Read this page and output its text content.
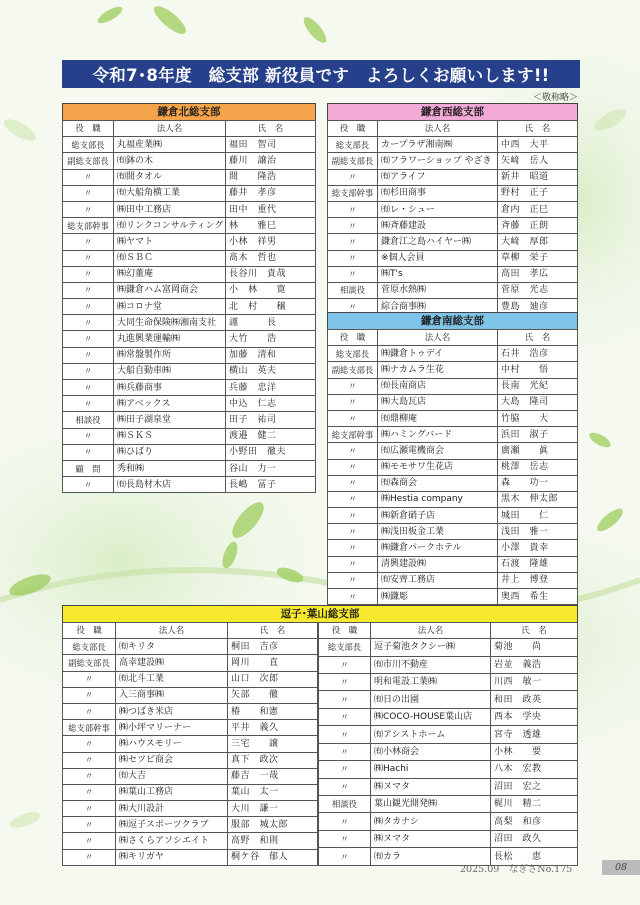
令和7･8年度　総支部 新役員です　よろしくお願いします!!
＜敬称略＞
鎌倉北総支部
役　職	法人名	氏　名
総支部長	丸福産業㈱	福田　智司
副総支部長	㈲鉢の木	藤川　譲治
〃	㈲間タオル	間　　隆浩
〃	㈲大船角横工業	藤井　孝彦
〃	㈱田中工務店	田中　重代
総支部幹事	㈲リンクコンサルティング	林　　雅巳
〃	㈱ヤマト	小林　祥男
〃	㈲ＳＢＣ	髙木　哲也
〃	㈱幻董庵	長谷川　貴哉
〃	㈱鎌倉ハム富岡商会	小　林　　寛
〃	㈱コロナ堂	北　村　　穣
〃	大同生命保険㈱湘南支社	謹　　　長
〃	丸進興業運輸㈱	大竹　　浩
〃	㈱常盤製作所	加藤　清和
〃	大船自動車㈱	横山　英夫
〃	㈱兵藤商事	兵藤　忠洋
〃	㈱アベックス	中込　仁志
相談役	㈱田子湖泉堂	田子　祐司
〃	㈱ＳＫＳ	渡邉　健二
〃	㈱ひばり	小野田　徹夫
顧　問	秀和㈱	谷山　力一
〃	㈲長島材木店	長嶋　冨子
鎌倉西総支部
役　職	法人名	氏　名
総支部長	カープラザ湘南㈱	中西　大平
副総支部長	㈲フラワーショップ やざき	矢﨑　岳人
〃	㈲アライフ	新井　昭道
総支部幹事	㈲杉田商事	野村　正子
〃	㈲レ・シュー	倉内　正巳
〃	㈱斉藤建設	斉藤　正朗
〃	鎌倉江之島ハイヤー㈱	大﨑　厚郎
〃	※個人会員	草柳　栄子
〃	㈱T's	高田　孝広
相談役	菅原水熱㈱	菅原　光志
〃	綜合商事㈱	豊島　廸彦
鎌倉南総支部
役　職	法人名	氏　名
総支部長	㈱鎌倉トゥデイ	石井　浩彦
副総支部長	㈱ナカムラ生花	中村　　悟
〃	㈲長南商店	長南　光紀
〃	㈱大島瓦店	大島　隆司
〃	㈲鼎柳庵	竹脇　　大
総支部幹事	㈱ハミングバード	浜田　淑子
〃	㈲広瀬電機商会	廣瀬　　眞
〃	㈱モモサワ生花店	桃澤　岳志
〃	㈲森商会	森　　功一
〃	㈱Hestia company	黒木　伸太郎
〃	㈱新倉硝子店	城田　　仁
〃	㈱浅田板金工業	浅田　雅一
〃	㈱鎌倉パークホテル	小澤　貴幸
〃	清興建設㈱	石渡　隆雄
〃	㈲安齊工務店	井上　博登
〃	㈱鎌彫	奥西　希生
逗子･葉山総支部
役　職	法人名	氏　名
総支部長	㈲キリタ	桐田　吉彦
副総支部長	高幸建設㈱	岡川　　直
〃	㈲北斗工業	山口　次郎
〃	入三商事㈱	矢部　　徹
〃	㈱つばき米店	椿　　和憲
総支部幹事	㈱小坪マリーナー	平井　義久
〃	㈱ハウスモリー	三宅　　譲
〃	㈱セツビ商会	真下　政次
〃	㈲大吉	藤吉　一哉
〃	㈱葉山工務店	葉山　太一
〃	㈱大川設計	大川　謙一
〃	㈱逗子スポーツクラブ	服部　城太郎
〃	㈱さくらアソシエイト	高野　和則
〃	㈱キリガヤ	桐ケ谷　郁人
役　職	法人名	氏　名
総支部長	逗子菊池タクシー㈱	菊池　　尚
〃	㈲市川不動産	岩並　義浩
〃	明和電設工業㈱	川西　敏一
〃	㈲日の出園	和田　政英
〃	㈱COCO-HOUSE葉山店	西本　学央
〃	㈲アシストホーム	宮寺　透雄
〃	㈲小林商会	小林　　要
〃	㈱Hachi	八木　宏教
〃	㈱ヌマタ	沼田　宏之
相談役	葉山観光開発㈱	梶川　精二
〃	㈱タカナシ	高梨　和彦
〃	㈱ヌマタ	沼田　政久
〃	㈲カラ	長松　　恵
2025.09　なぎさNo.175	08
